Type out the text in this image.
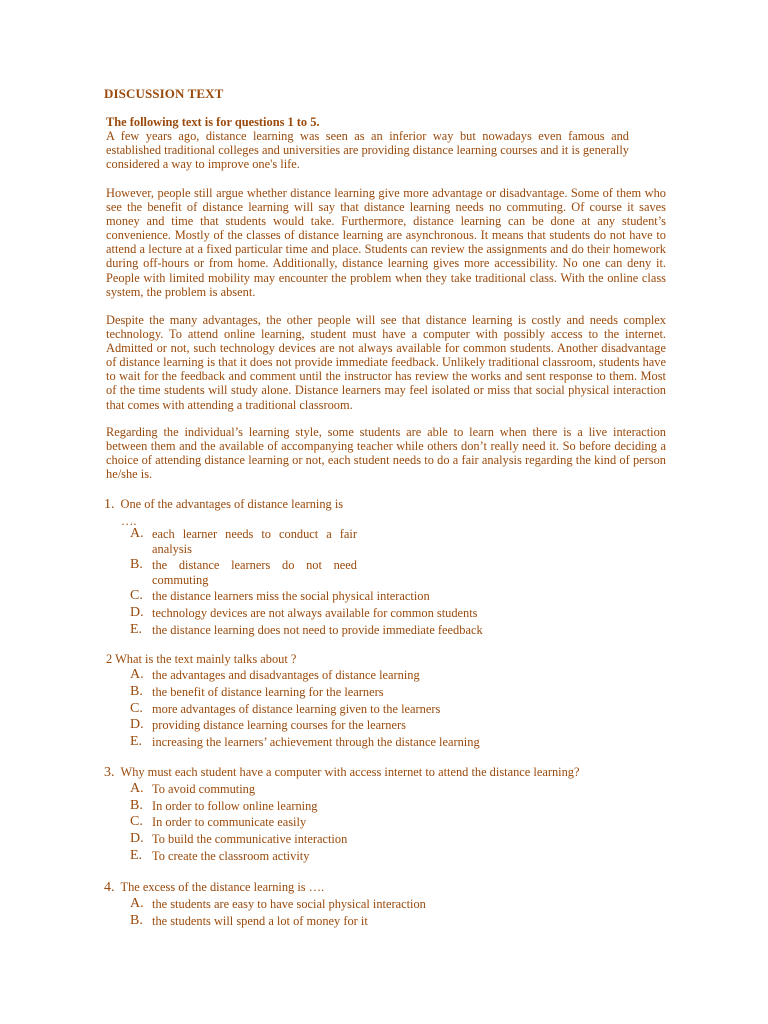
DISCUSSION TEXT
The following text is for questions 1 to 5.
A few years ago, distance learning was seen as an inferior way but nowadays even famous and established traditional colleges and universities are providing distance learning courses and it is generally considered a way to improve one's life.
However, people still argue whether distance learning give more advantage or disadvantage. Some of them who see the benefit of distance learning will say that distance learning needs no commuting. Of course it saves money and time that students would take. Furthermore, distance learning can be done at any student’s convenience. Mostly of the classes of distance learning are asynchronous. It means that students do not have to attend a lecture at a fixed particular time and place. Students can review the assignments and do their homework during off-hours or from home. Additionally, distance learning gives more accessibility. No one can deny it. People with limited mobility may encounter the problem when they take traditional class. With the online class system, the problem is absent.
Despite the many advantages, the other people will see that distance learning is costly and needs complex technology. To attend online learning, student must have a computer with possibly access to the internet. Admitted or not, such technology devices are not always available for common students. Another disadvantage of distance learning is that it does not provide immediate feedback. Unlikely traditional classroom, students have to wait for the feedback and comment until the instructor has review the works and sent response to them. Most of the time students will study alone. Distance learners may feel isolated or miss that social physical interaction that comes with attending a traditional classroom.
Regarding the individual’s learning style, some students are able to learn when there is a live interaction between them and the available of accompanying teacher while others don’t really need it. So before deciding a choice of attending distance learning or not, each student needs to do a fair analysis regarding the kind of person he/she is.
1. One of the advantages of distance learning is
….
A. each learner needs to conduct a fair analysis
B. the distance learners do not need commuting
C. the distance learners miss the social physical interaction
D. technology devices are not always available for common students
E. the distance learning does not need to provide immediate feedback
2 What is the text mainly talks about ?
A. the advantages and disadvantages of distance learning
B. the benefit of distance learning for the learners
C. more advantages of distance learning given to the learners
D. providing distance learning courses for the learners
E. increasing the learners’ achievement through the distance learning
3. Why must each student have a computer with access internet to attend the distance learning?
A. To avoid commuting
B. In order to follow online learning
C. In order to communicate easily
D. To build the communicative interaction
E. To create the classroom activity
4. The excess of the distance learning is ….
A. the students are easy to have social physical interaction
B. the students will spend a lot of money for it
